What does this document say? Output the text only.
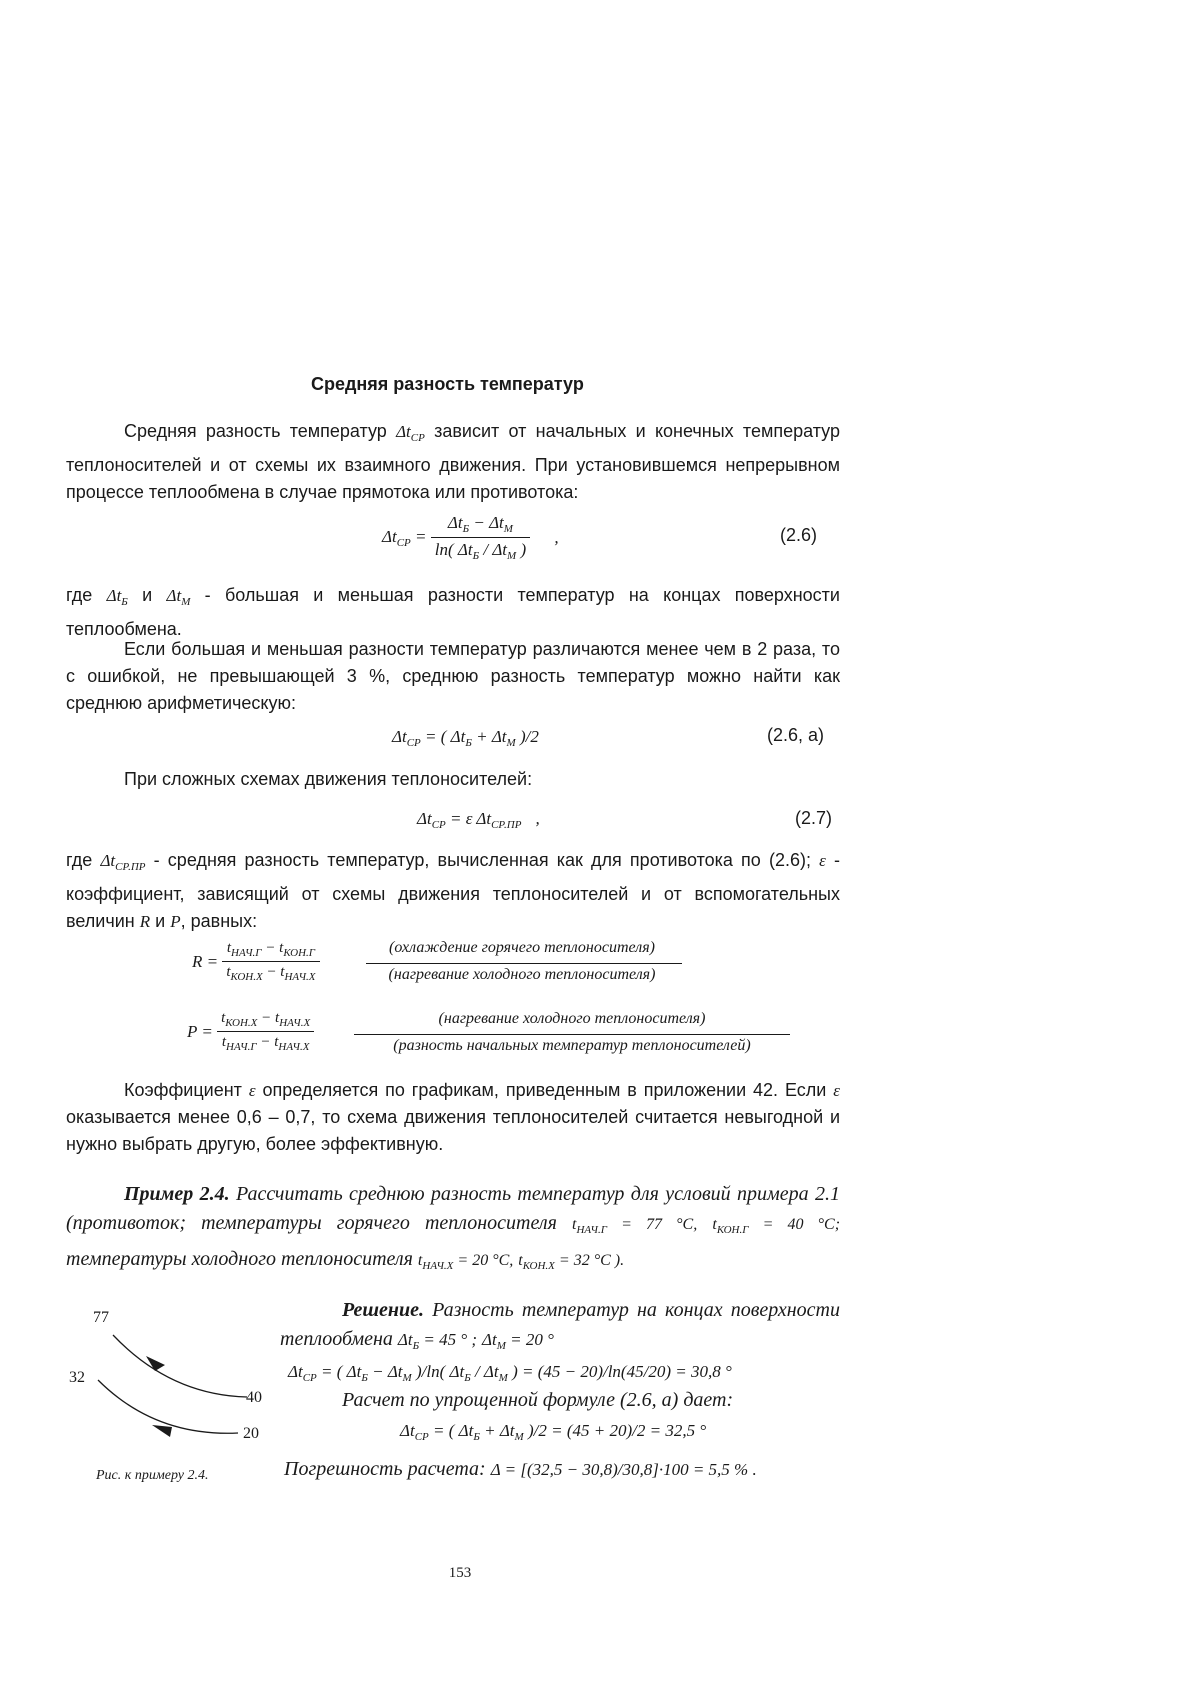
Средняя разность температур
Средняя разность температур $\Delta t_{СР}$ зависит от начальных и конечных температур теплоносителей и от схемы их взаимного движения. При установившемся непрерывном процессе теплообмена в случае прямотока или противотока:
$\Delta t_{СР} = \frac{\Delta t_Б - \Delta t_М}{\ln( \Delta t_Б / \Delta t_М )}$ ,	(2.6)
где $\Delta t_Б$ и $\Delta t_М$ - большая и меньшая разности температур на концах поверхности теплообмена.
Если большая и меньшая разности температур различаются менее чем в 2 раза, то с ошибкой, не превышающей 3 %, среднюю разность температур можно найти как среднюю арифметическую:
$\Delta t_{СР}$ = ( $\Delta t_Б + \Delta t_М$ )/2	(2.6, а)
При сложных схемах движения теплоносителей:
$\Delta t_{СР} = \varepsilon$ $\Delta t_{СР.ПР}$ ,	(2.7)
где $\Delta t_{СР.ПР}$ - средняя разность температур, вычисленная как для противотока по (2.6); ε - коэффициент, зависящий от схемы движения теплоносителей и от вспомогательных величин R и P, равных:
$R = \frac{t_{НАЧ.Г} - t_{КОН.Г}}{t_{КОН.Х} - t_{НАЧ.Х}}$	(охлаждение горячего теплоносителя)
(нагревание холодного теплоносителя)
$P = \frac{t_{КОН.Х} - t_{НАЧ.Х}}{t_{НАЧ.Г} - t_{НАЧ.Х}}$	(нагревание холодного теплоносителя)
(разность начальных температур теплоносителей)
Коэффициент ε определяется по графикам, приведенным в приложении 42. Если ε оказывается менее 0,6 – 0,7, то схема движения теплоносителей считается невыгодной и нужно выбрать другую, более эффективную.
Пример 2.4. Рассчитать среднюю разность температур для условий примера 2.1 (противоток; температуры горячего теплоносителя $t_{НАЧ.Г} = 77$ °C, $t_{КОН.Г} = 40$ °C; температуры холодного теплоносителя $t_{НАЧ.Х} = 20$ °C, $t_{КОН.Х} = 32$ °C ).
Решение. Разность температур на концах поверхности теплообмена $\Delta t_Б = 45$ ° ; $\Delta t_М = 20$ °
$\Delta t_{СР}$ = ( $\Delta t_Б - \Delta t_М$ )/ln( $\Delta t_Б / \Delta t_М$ ) = (45 − 20)/ln(45/20) = 30,8 °
Расчет по упрощенной формуле (2.6, а) дает:
$\Delta t_{СР}$ = ( $\Delta t_Б + \Delta t_М$ )/2 = (45 + 20)/2 = 32,5 °
Погрешность расчета: Δ = [(32,5 − 30,8)/30,8]·100 = 5,5 % .
77
32
40
20
Рис. к примеру 2.4.
153
